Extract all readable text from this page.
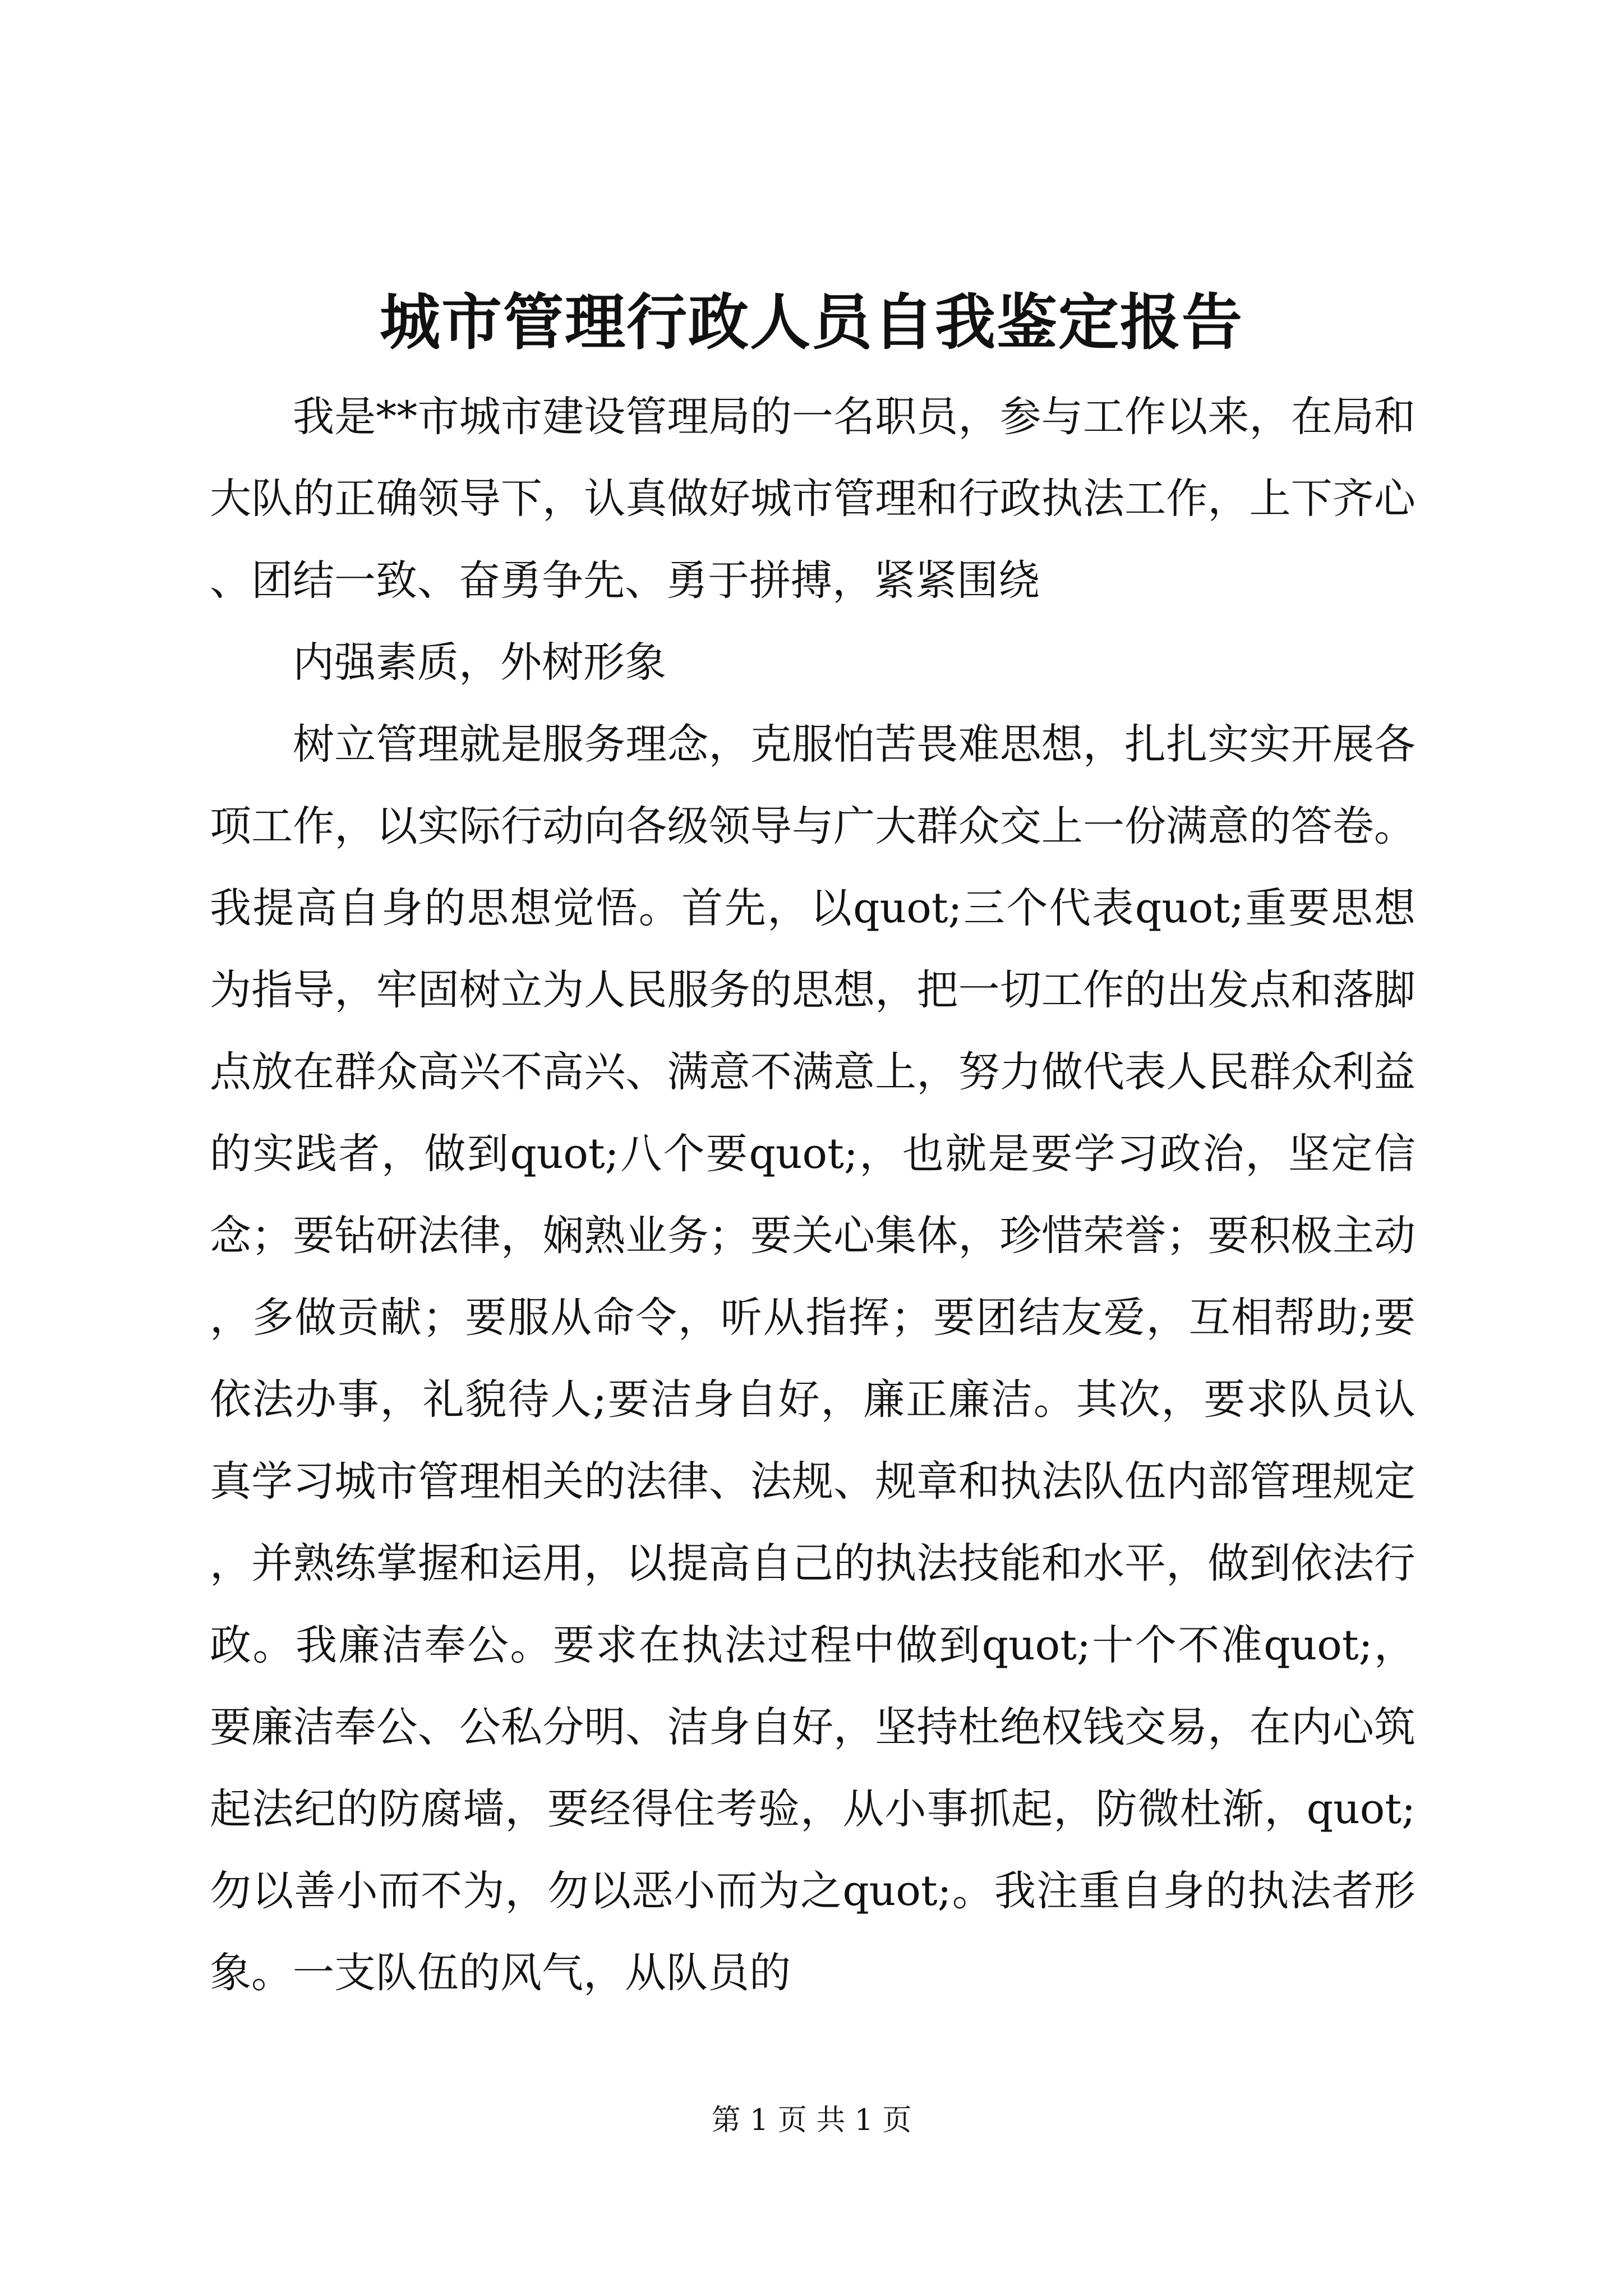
城市管理行政人员自我鉴定报告

我是**市城市建设管理局的一名职员，参与工作以来，在局和大队的正确领导下，认真做好城市管理和行政执法工作，上下齐心、团结一致、奋勇争先、勇于拼搏，紧紧围绕

内强素质，外树形象

树立管理就是服务理念，克服怕苦畏难思想，扎扎实实开展各项工作，以实际行动向各级领导与广大群众交上一份满意的答卷。我提高自身的思想觉悟。首先，以quot;三个代表quot;重要思想为指导，牢固树立为人民服务的思想，把一切工作的出发点和落脚点放在群众高兴不高兴、满意不满意上，努力做代表人民群众利益的实践者，做到quot;八个要quot;，也就是要学习政治，坚定信念；要钻研法律，娴熟业务；要关心集体，珍惜荣誉；要积极主动，多做贡献；要服从命令，听从指挥；要团结友爱，互相帮助;要依法办事，礼貌待人;要洁身自好，廉正廉洁。其次，要求队员认真学习城市管理相关的法律、法规、规章和执法队伍内部管理规定，并熟练掌握和运用，以提高自己的执法技能和水平，做到依法行政。我廉洁奉公。要求在执法过程中做到quot;十个不准quot;，要廉洁奉公、公私分明、洁身自好，坚持杜绝权钱交易，在内心筑起法纪的防腐墙，要经得住考验，从小事抓起，防微杜渐，quot;勿以善小而不为，勿以恶小而为之quot;。我注重自身的执法者形象。一支队伍的风气，从队员的

第 1 页 共 1 页
